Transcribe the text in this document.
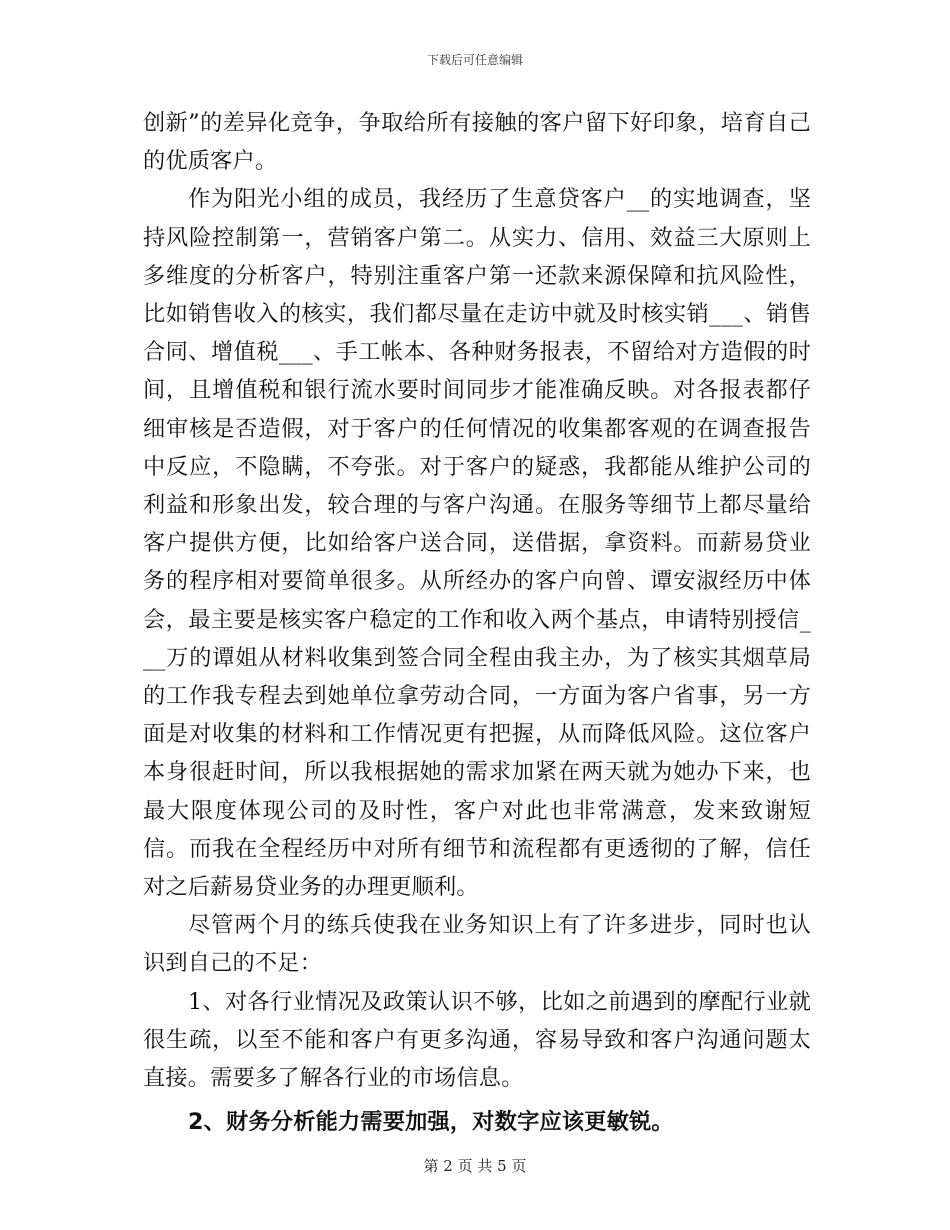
下载后可任意编辑

创新”的差异化竞争，争取给所有接触的客户留下好印象，培育自己的优质客户。

作为阳光小组的成员，我经历了生意贷客户__的实地调查，坚持风险控制第一，营销客户第二。从实力、信用、效益三大原则上多维度的分析客户，特别注重客户第一还款来源保障和抗风险性，比如销售收入的核实，我们都尽量在走访中就及时核实销___、销售合同、增值税___、手工帐本、各种财务报表，不留给对方造假的时间，且增值税和银行流水要时间同步才能准确反映。对各报表都仔细审核是否造假，对于客户的任何情况的收集都客观的在调查报告中反应，不隐瞒，不夸张。对于客户的疑惑，我都能从维护公司的利益和形象出发，较合理的与客户沟通。在服务等细节上都尽量给客户提供方便，比如给客户送合同，送借据，拿资料。而薪易贷业务的程序相对要简单很多。从所经办的客户向曾、谭安淑经历中体会，最主要是核实客户稳定的工作和收入两个基点，申请特别授信___万的谭姐从材料收集到签合同全程由我主办，为了核实其烟草局的工作我专程去到她单位拿劳动合同，一方面为客户省事，另一方面是对收集的材料和工作情况更有把握，从而降低风险。这位客户本身很赶时间，所以我根据她的需求加紧在两天就为她办下来，也最大限度体现公司的及时性，客户对此也非常满意，发来致谢短信。而我在全程经历中对所有细节和流程都有更透彻的了解，信任对之后薪易贷业务的办理更顺利。

尽管两个月的练兵使我在业务知识上有了许多进步，同时也认识到自己的不足：

1、对各行业情况及政策认识不够，比如之前遇到的摩配行业就很生疏，以至不能和客户有更多沟通，容易导致和客户沟通问题太直接。需要多了解各行业的市场信息。

2、财务分析能力需要加强，对数字应该更敏锐。

第 2 页 共 5 页
